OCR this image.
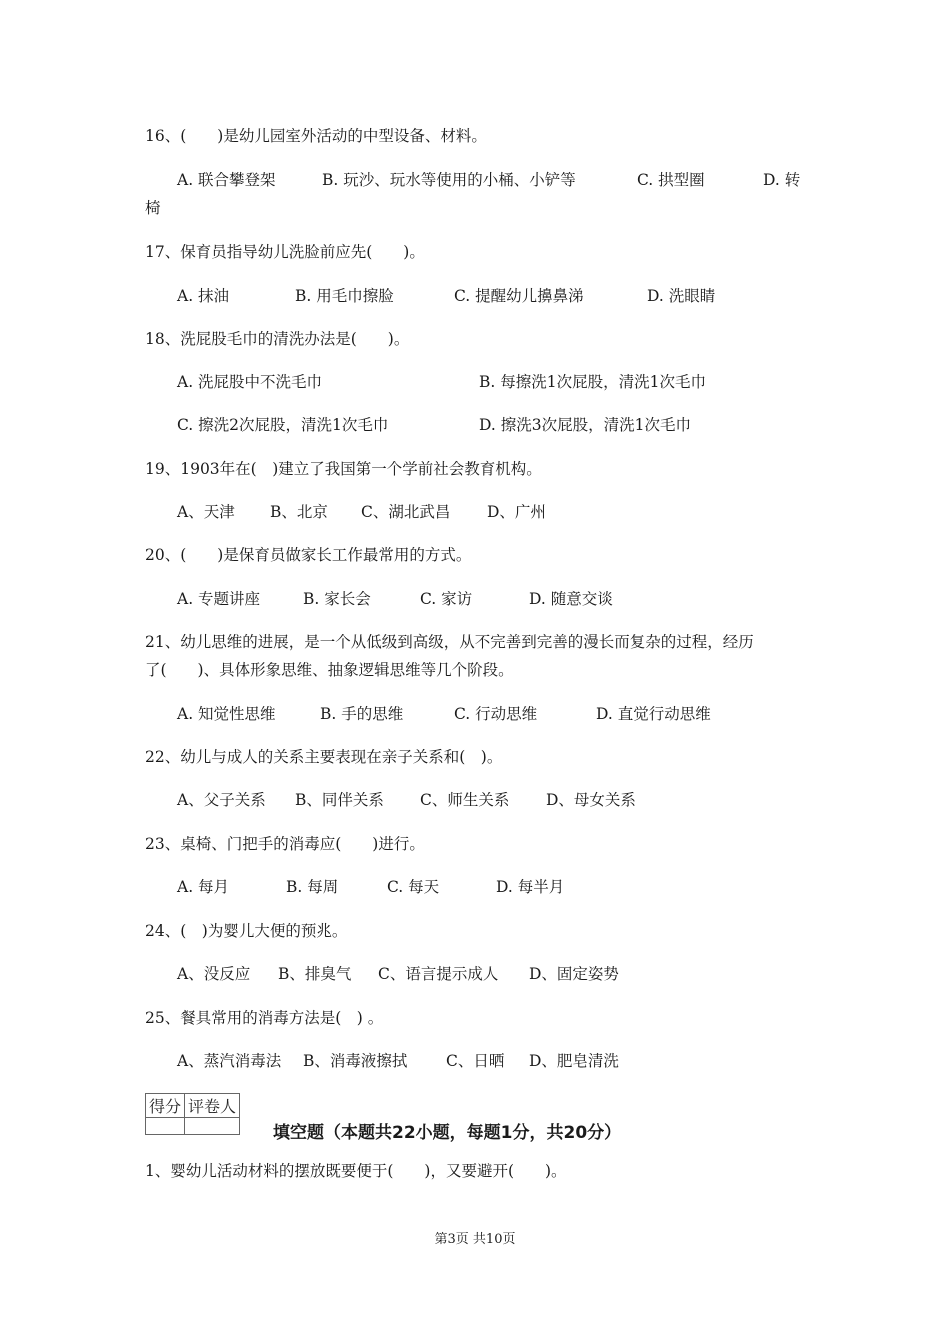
16、(　　)是幼儿园室外活动的中型设备、材料。
A. 联合攀登架	B. 玩沙、玩水等使用的小桶、小铲等	C. 拱型圈	D. 转
椅
17、保育员指导幼儿洗脸前应先(　　)。
A. 抹油	B. 用毛巾擦脸	C. 提醒幼儿擤鼻涕	D. 洗眼睛
18、洗屁股毛巾的清洗办法是(　　)。
A. 洗屁股中不洗毛巾	B. 每擦洗1次屁股，清洗1次毛巾
C. 擦洗2次屁股，清洗1次毛巾	D. 擦洗3次屁股，清洗1次毛巾
19、1903年在(　)建立了我国第一个学前社会教育机构。
A、天津 B、北京 C、湖北武昌 D、广州
20、(　　)是保育员做家长工作最常用的方式。
A. 专题讲座	B. 家长会	C. 家访	D. 随意交谈
21、幼儿思维的进展，是一个从低级到高级，从不完善到完善的漫长而复杂的过程，经历
了(　　)、具体形象思维、抽象逻辑思维等几个阶段。
A. 知觉性思维	B. 手的思维	C. 行动思维	D. 直觉行动思维
22、幼儿与成人的关系主要表现在亲子关系和(　)。
A、父子关系 B、同伴关系 C、师生关系 D、母女关系
23、桌椅、门把手的消毒应(　　)进行。
A. 每月	B. 每周	C. 每天	D. 每半月
24、(　)为婴儿大便的预兆。
A、没反应 B、排臭气 C、语言提示成人 D、固定姿势
25、餐具常用的消毒方法是(　) 。
A、蒸汽消毒法 B、消毒液擦拭 C、日晒 D、肥皂清洗
得分	评卷人

填空题（本题共22小题，每题1分，共20分）
1、婴幼儿活动材料的摆放既要便于(　　)，又要避开(　　)。
第3页 共10页
